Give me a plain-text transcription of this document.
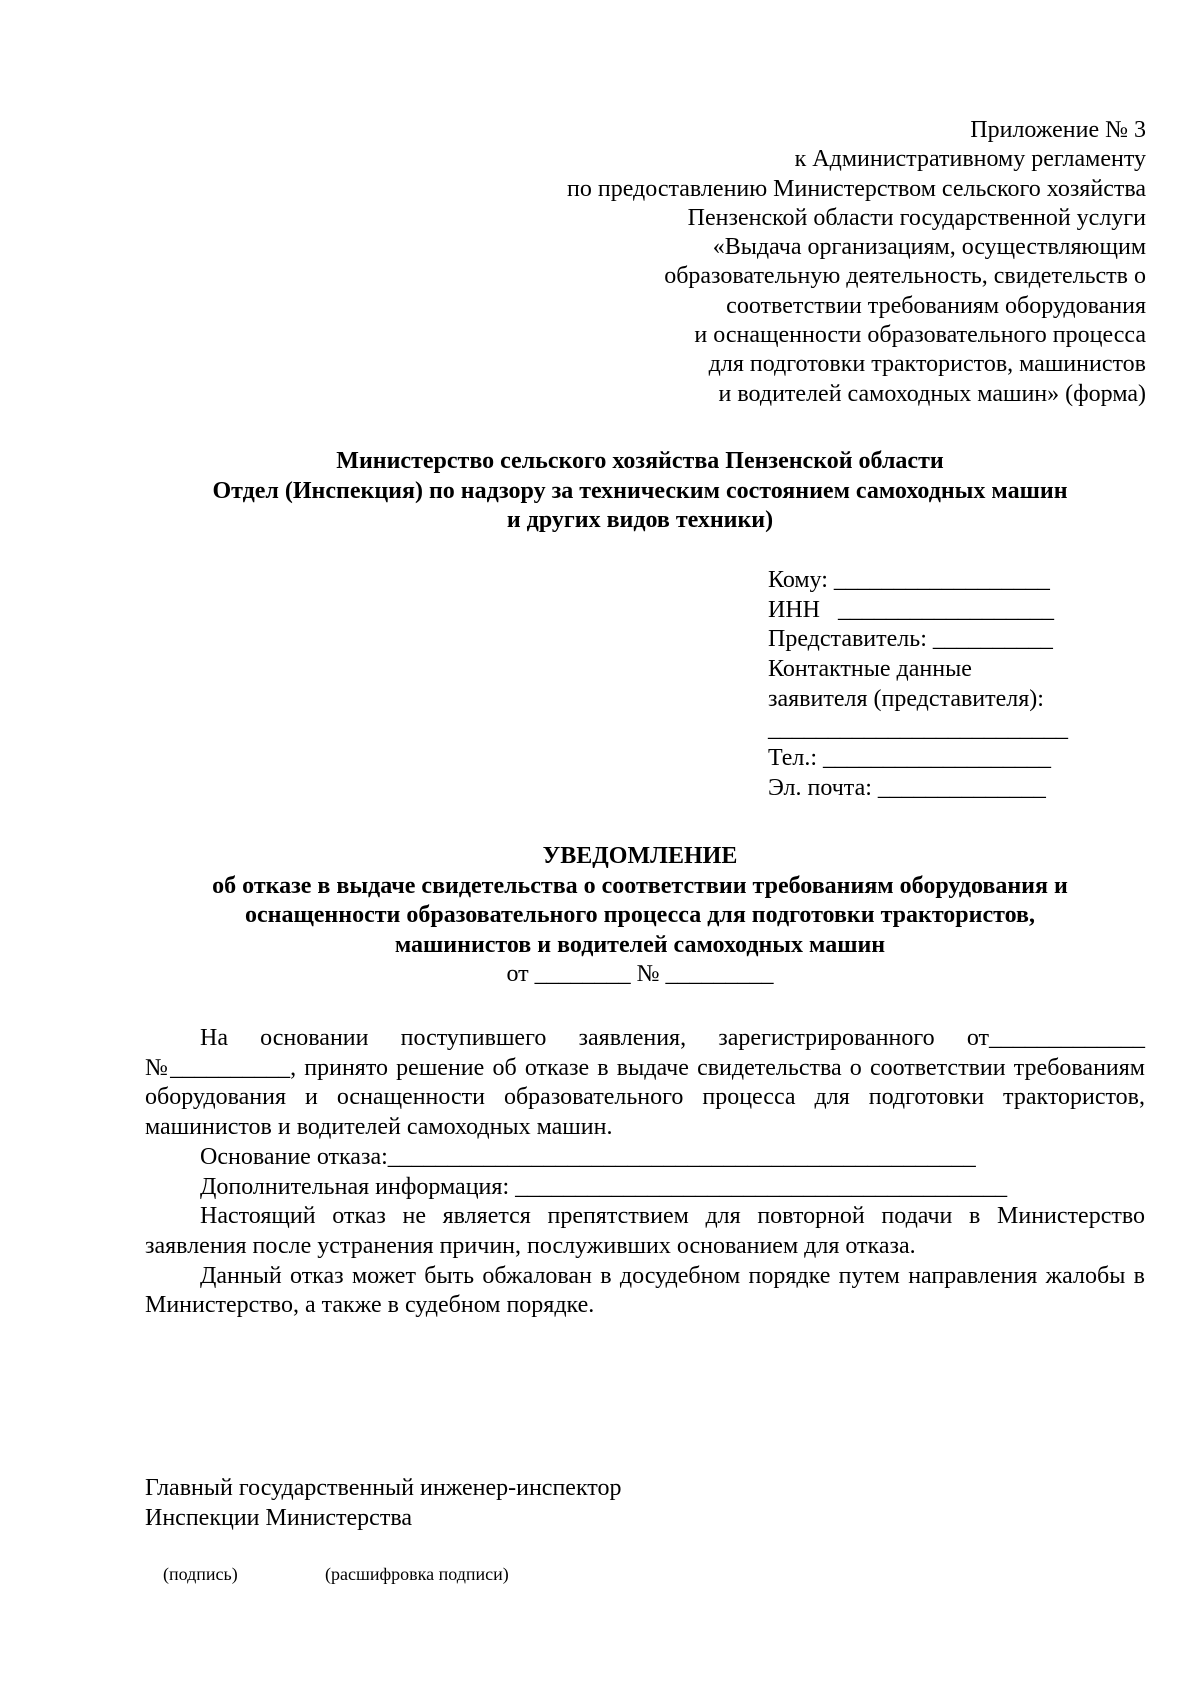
Приложение № 3
к Административному регламенту
по предоставлению Министерством сельского хозяйства
Пензенской области государственной услуги
«Выдача организациям, осуществляющим
образовательную деятельность, свидетельств о
соответствии требованиям оборудования
и оснащенности образовательного процесса
для подготовки трактористов, машинистов
и водителей самоходных машин» (форма)
Министерство сельского хозяйства Пензенской области
Отдел (Инспекция) по надзору за техническим состоянием самоходных машин
и других видов техники)
Кому: __________________
ИНН   __________________
Представитель: __________
Контактные данные
заявителя (представителя):
_________________________
Тел.: ___________________
Эл. почта: ______________
УВЕДОМЛЕНИЕ
об отказе в выдаче свидетельства о соответствии требованиям оборудования и
оснащенности образовательного процесса для подготовки трактористов,
машинистов и водителей самоходных машин
от ________ № _________

На основании поступившего заявления, зарегистрированного от_____________ №__________, принято решение об отказе в выдаче свидетельства о соответствии требованиям оборудования и оснащенности образовательного процесса для подготовки трактористов, машинистов и водителей самоходных машин.

Основание отказа:_________________________________________________

Дополнительная информация: _________________________________________

Настоящий отказ не является препятствием для повторной подачи в Министерство заявления после устранения причин, послуживших основанием для отказа.

Данный отказ может быть обжалован в досудебном порядке путем направления жалобы в Министерство, а также в судебном порядке.

Главный государственный инженер-инспектор
Инспекции Министерства
(подпись)	(расшифровка подписи)
